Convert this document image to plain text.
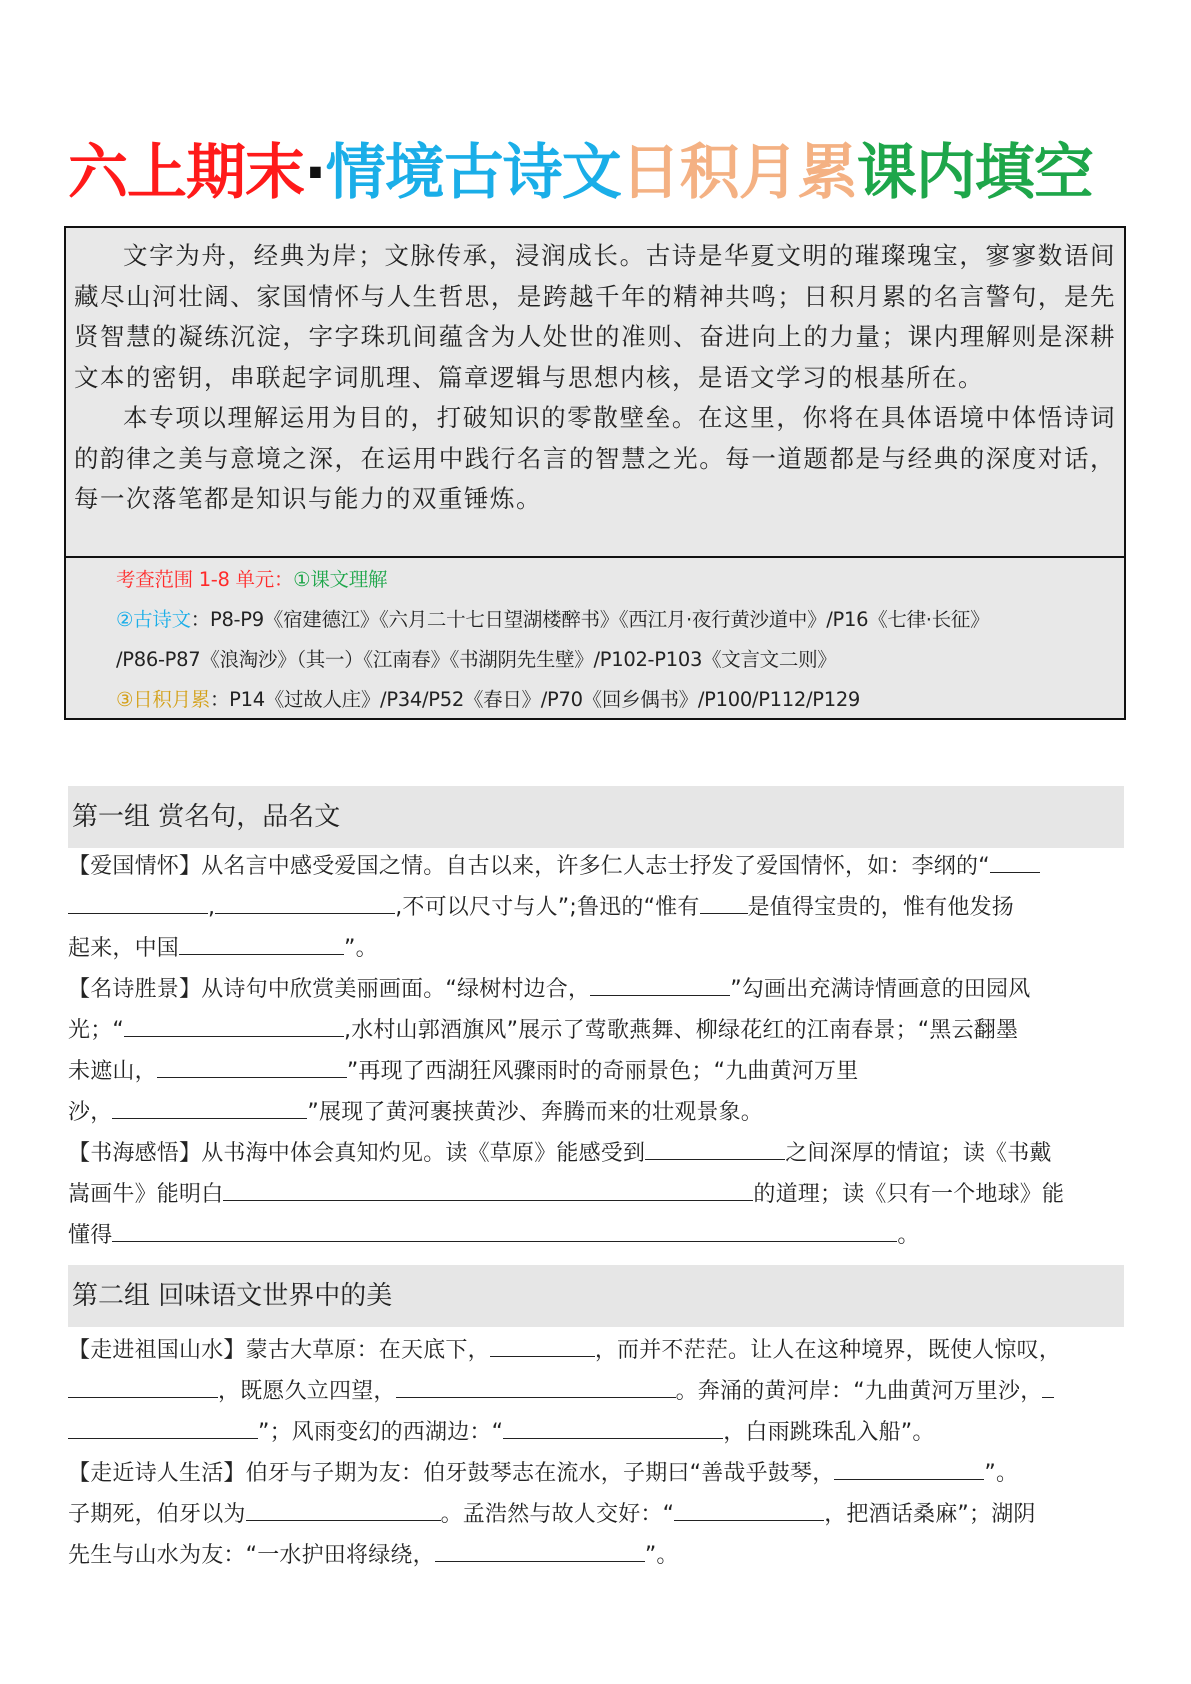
六上期末·情境古诗文日积月累课内填空

文字为舟，经典为岸；文脉传承，浸润成长。古诗是华夏文明的璀璨瑰宝，寥寥数语间藏尽山河壮阔、家国情怀与人生哲思，是跨越千年的精神共鸣；日积月累的名言警句，是先贤智慧的凝练沉淀，字字珠玑间蕴含为人处世的准则、奋进向上的力量；课内理解则是深耕文本的密钥，串联起字词肌理、篇章逻辑与思想内核，是语文学习的根基所在。

本专项以理解运用为目的，打破知识的零散壁垒。在这里，你将在具体语境中体悟诗词的韵律之美与意境之深，在运用中践行名言的智慧之光。每一道题都是与经典的深度对话，每一次落笔都是知识与能力的双重锤炼。

考查范围 1-8 单元：①课文理解
②古诗文：P8-P9《宿建德江》《六月二十七日望湖楼醉书》《西江月·夜行黄沙道中》/P16《七律·长征》
/P86-P87《浪淘沙》（其一）《江南春》《书湖阴先生壁》/P102-P103《文言文二则》
③日积月累：P14《过故人庄》/P34/P52《春日》/P70《回乡偶书》/P100/P112/P129
第一组 赏名句，品名文

【爱国情怀】从名言中感受爱国之情。自古以来，许多仁人志士抒发了爱国情怀，如：李纲的“

,	,不可以尺寸与人”;鲁迅的“惟有 是值得宝贵的，惟有他发扬

起来，中国	”。

【名诗胜景】从诗句中欣赏美丽画面。“绿树村边合，	”勾画出充满诗情画意的田园风

光；“	,水村山郭酒旗风”展示了莺歌燕舞、柳绿花红的江南春景；“黑云翻墨

未遮山，	”再现了西湖狂风骤雨时的奇丽景色；“九曲黄河万里

沙，	”展现了黄河裹挟黄沙、奔腾而来的壮观景象。

【书海感悟】从书海中体会真知灼见。读《草原》能感受到	之间深厚的情谊；读《书戴

嵩画牛》能明白	的道理；读《只有一个地球》能

懂得	。

第二组 回味语文世界中的美

【走进祖国山水】蒙古大草原：在天底下，	，而并不茫茫。让人在这种境界，既使人惊叹，

，既愿久立四望，	。奔涌的黄河岸：“九曲黄河万里沙，

”；风雨变幻的西湖边：“	，白雨跳珠乱入船”。

【走近诗人生活】伯牙与子期为友：伯牙鼓琴志在流水，子期曰“善哉乎鼓琴，	”。

子期死，伯牙以为	。孟浩然与故人交好：“	，把酒话桑麻”；湖阴

先生与山水为友：“一水护田将绿绕，	”。
